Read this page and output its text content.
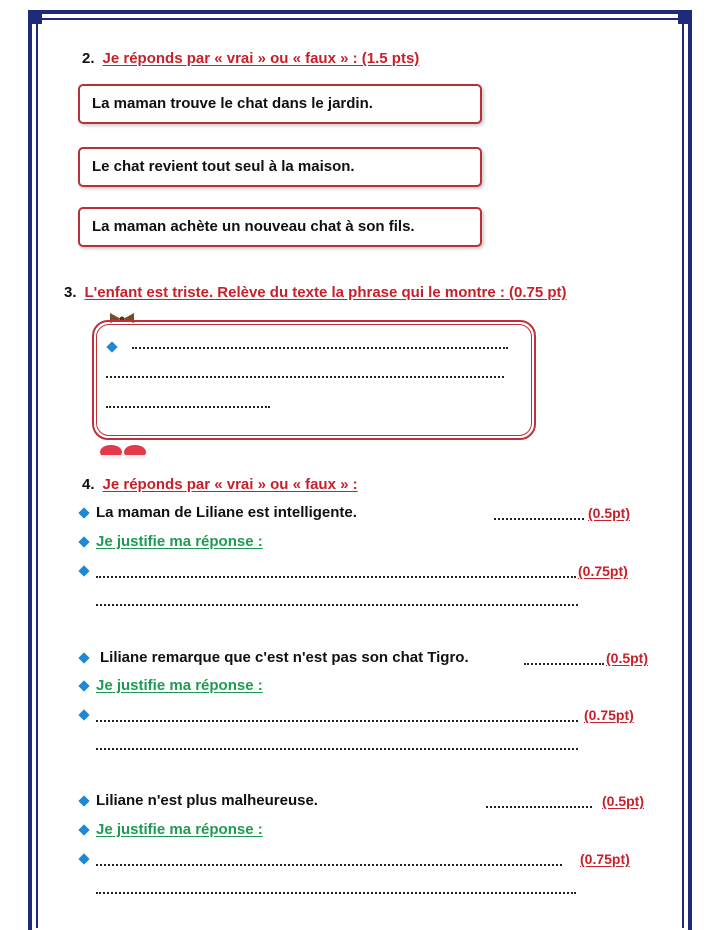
2. Je réponds par « vrai » ou « faux » : (1.5 pts)
La maman trouve le chat dans le jardin.
Le chat revient tout seul à la maison.
La maman achète un nouveau chat à son fils.
3. L'enfant est triste. Relève du texte la phrase qui le montre : (0.75 pt)
4. Je réponds par « vrai » ou « faux » :
La maman de Liliane est intelligente.	(0.5pt)
Je justifie ma réponse :
(0.75pt)
Liliane remarque que c'est n'est pas son chat Tigro.	(0.5pt)
Je justifie ma réponse :
(0.75pt)
Liliane n'est plus malheureuse.	(0.5pt)
Je justifie ma réponse :
(0.75pt)
